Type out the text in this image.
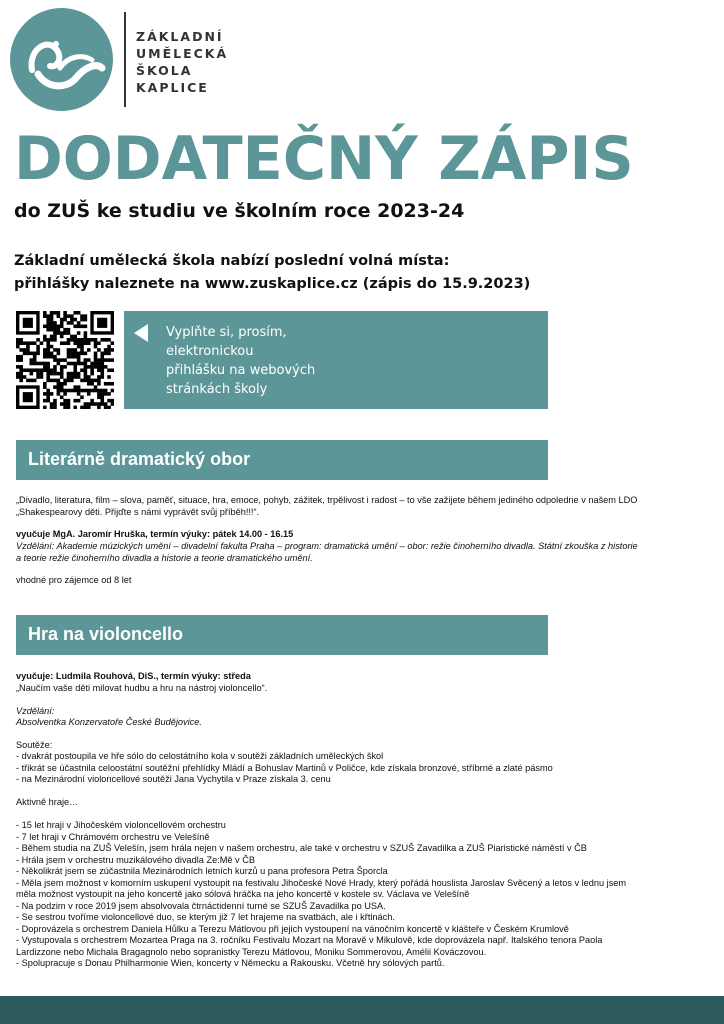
ZÁKLADNÍ
UMĚLECKÁ
ŠKOLA
KAPLICE
DODATEČNÝ ZÁPIS
do ZUŠ ke studiu ve školním roce 2023-24
Základní umělecká škola nabízí poslední volná místa:
přihlášky naleznete na www.zuskaplice.cz (zápis do 15.9.2023)
Vyplňte si, prosím,
elektronickou
přihlášku na webových
stránkách školy
Literárně dramatický obor
„Divadlo, literatura, film – slova, paměť, situace, hra, emoce, pohyb, zážitek, trpělivost i radost – to vše zažijete během jediného odpoledne v našem LDO
„Shakespearovy děti. Přijďte s námi vyprávět svůj příběh!!!“.
vyučuje MgA. Jaromír Hruška, termín výuky: pátek 14.00 - 16.15
Vzdělání: Akademie múzických umění – divadelní fakulta Praha – program: dramatická umění – obor: režie činoherního divadla. Státní zkouška z historie
a teorie režie činoherního divadla a historie a teorie dramatického umění.
vhodné pro zájemce od 8 let
Hra na violoncello
vyučuje: Ludmila Rouhová, DiS., termín výuky: středa
„Naučím vaše děti milovat hudbu a hru na nástroj violoncello“.
Vzdělání:
Absolventka Konzervatoře České Budějovice.
Soutěže:
- dvakrát postoupila ve hře sólo do celostátního kola v soutěži základních uměleckých škol
- třikrát se účastnila celoostátní soutěžní přehlídky Mládí a Bohuslav Martinů v Poličce, kde získala bronzové, stříbrné a zlaté pásmo
- na Mezinárodní violoncellové soutěži Jana Vychytila v Praze získala 3. cenu
Aktivně hraje…
- 15 let hraji v Jihočeském violoncellovém orchestru
- 7 let hraji v Chrámovém orchestru ve Velešíně
- Během studia na ZUŠ Velešín, jsem hrála nejen v našem orchestru, ale také v orchestru v SZUŠ Zavadilka a ZUŠ Piaristické náměstí v ČB
- Hrála jsem v orchestru muzikálového divadla Ze:Mě v ČB
- Několikrát jsem se zúčastnila Mezinárodních letních kurzů u pana profesora Petra Šporcla
- Měla jsem možnost v komorním uskupení vystoupit na festivalu Jihočeské Nové Hrady, který pořádá houslista Jaroslav Svěcený a letos v lednu jsem
měla možnost vystoupit na jeho koncertě jako sólová hráčka na jeho koncertě v kostele sv. Václava ve Velešíně
- Na podzim v roce 2019 jsem absolvovala čtrnáctidenní turné se SZUŠ Zavadilka po USA.
- Se sestrou tvoříme violoncellové duo, se kterým již 7 let hrajeme na svatbách, ale i křtinách.
- Doprovázela s orchestrem Daniela Hůlku a Terezu Mátlovou při jejich vystoupení na vánočním koncertě v klášteře v Českém Krumlově
- Vystupovala s orchestrem Mozartea Praga na 3. ročníku Festivalu Mozart na Moravě v Mikulově, kde doprovázela např. Italského tenora Paola
Lardizzone nebo Michala Bragagnolo nebo sopranistky Terezu Mátlovou, Moniku Sommerovou, Amélii Kováczovou.
- Spolupracuje s Donau Philharmonie Wien, koncerty v Německu a Rakousku. Včetně hry sólových partů.
